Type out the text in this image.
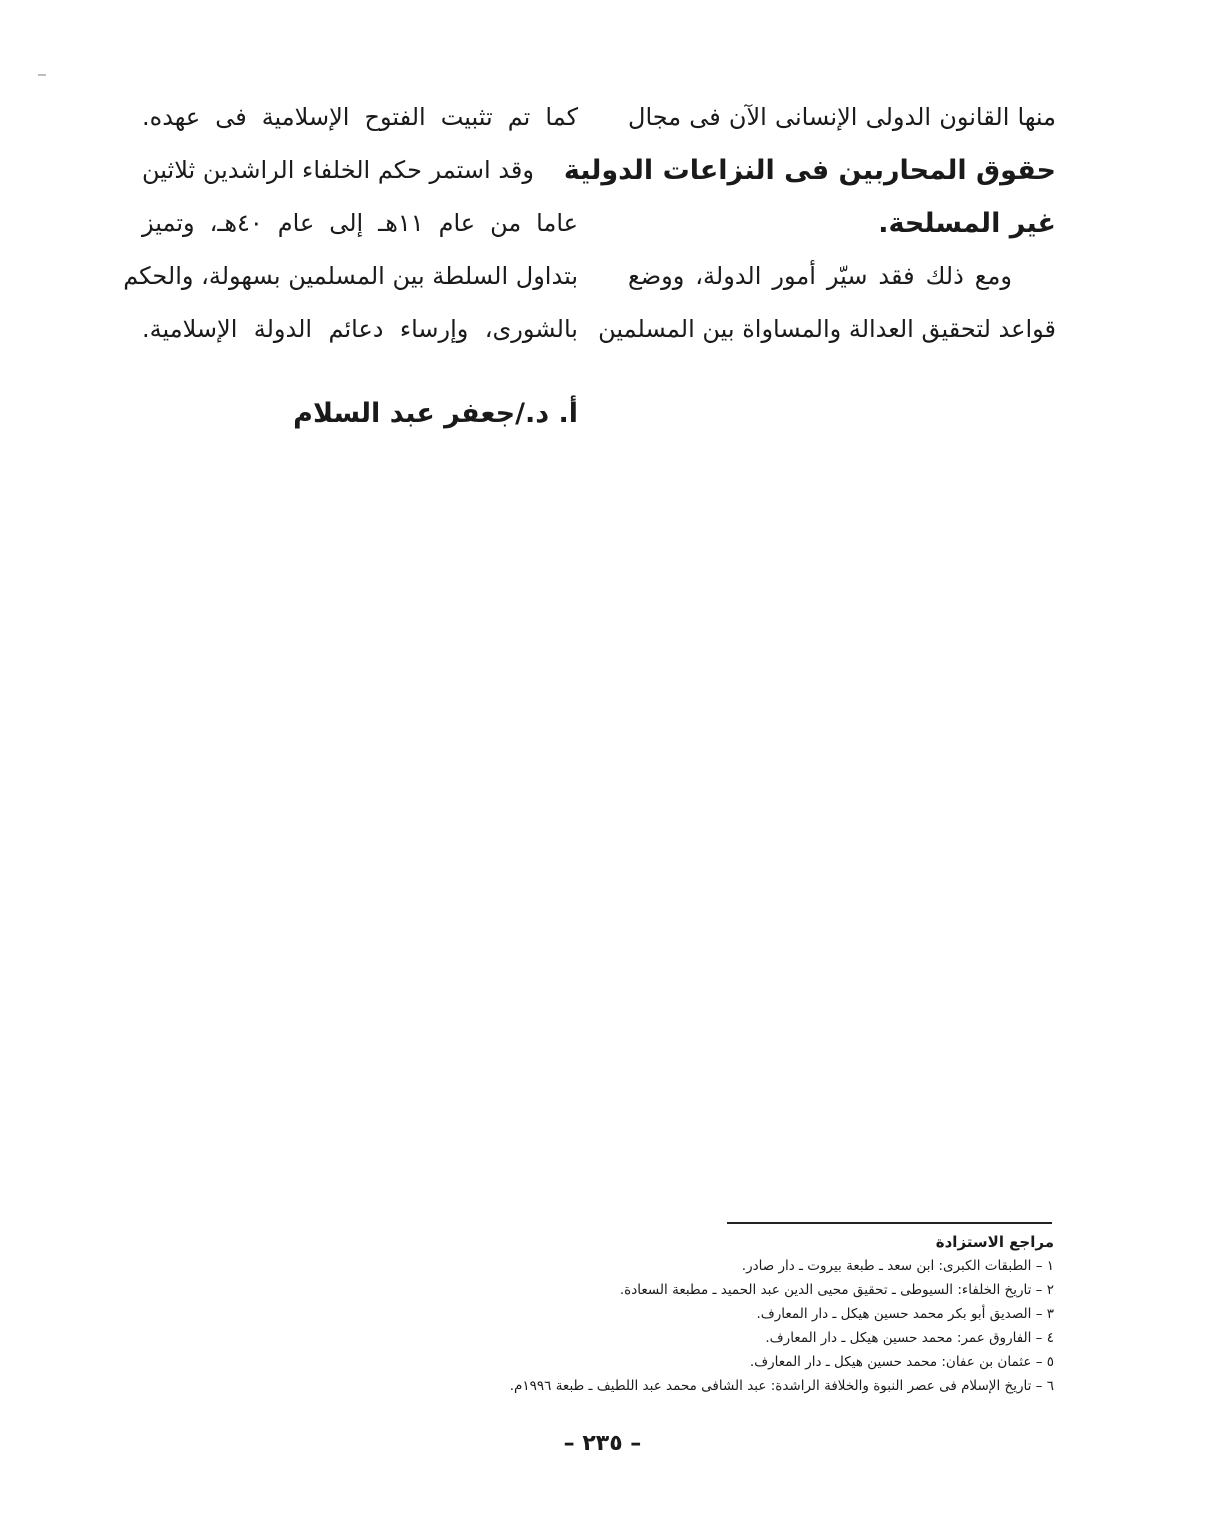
منها القانون الدولى الإنسانى الآن فى مجال
حقوق المحاربين فى النزاعات الدولية
غير المسلحة.
ومع ذلك فقد سيّر أمور الدولة، ووضع
قواعد لتحقيق العدالة والمساواة بين المسلمين
كما تم تثبيت الفتوح الإسلامية فى عهده.
وقد استمر حكم الخلفاء الراشدين ثلاثين
عاما من عام ١١هـ إلى عام ٤٠هـ، وتميز
بتداول السلطة بين المسلمين بسهولة، والحكم
بالشورى، وإرساء دعائم الدولة الإسلامية.
أ. د./جعفر عبد السلام
مراجع الاستزادة
١ – الطبقات الكبرى: ابن سعد ـ طبعة بيروت ـ دار صادر.
٢ – تاريخ الخلفاء: السيوطى ـ تحقيق محيى الدين عبد الحميد ـ مطبعة السعادة.
٣ – الصديق أبو بكر محمد حسين هيكل ـ دار المعارف.
٤ – الفاروق عمر: محمد حسين هيكل ـ دار المعارف.
٥ – عثمان بن عفان: محمد حسين هيكل ـ دار المعارف.
٦ – تاريخ الإسلام فى عصر النبوة والخلافة الراشدة: عبد الشافى محمد عبد اللطيف ـ طبعة ١٩٩٦م.
– ٢٣٥ –
